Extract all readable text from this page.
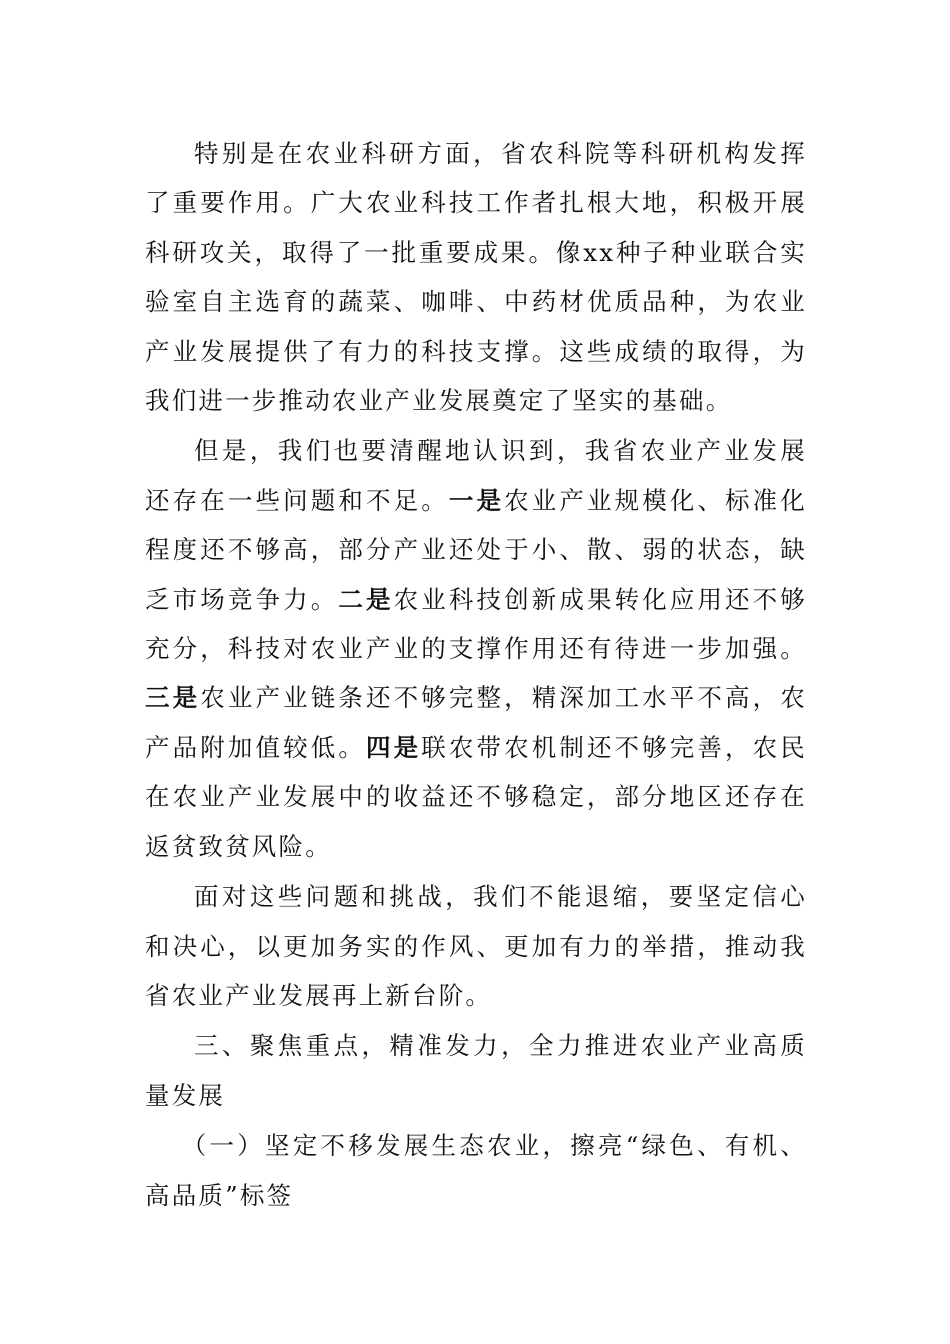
特别是在农业科研方面，省农科院等科研机构发挥了重要作用。广大农业科技工作者扎根大地，积极开展科研攻关，取得了一批重要成果。像xx种子种业联合实验室自主选育的蔬菜、咖啡、中药材优质品种，为农业产业发展提供了有力的科技支撑。这些成绩的取得，为我们进一步推动农业产业发展奠定了坚实的基础。

但是，我们也要清醒地认识到，我省农业产业发展还存在一些问题和不足。一是农业产业规模化、标准化程度还不够高，部分产业还处于小、散、弱的状态，缺乏市场竞争力。二是农业科技创新成果转化应用还不够充分，科技对农业产业的支撑作用还有待进一步加强。三是农业产业链条还不够完整，精深加工水平不高，农产品附加值较低。四是联农带农机制还不够完善，农民在农业产业发展中的收益还不够稳定，部分地区还存在返贫致贫风险。

面对这些问题和挑战，我们不能退缩，要坚定信心和决心，以更加务实的作风、更加有力的举措，推动我省农业产业发展再上新台阶。

三、聚焦重点，精准发力，全力推进农业产业高质量发展

（一）坚定不移发展生态农业，擦亮“绿色、有机、高品质”标签
